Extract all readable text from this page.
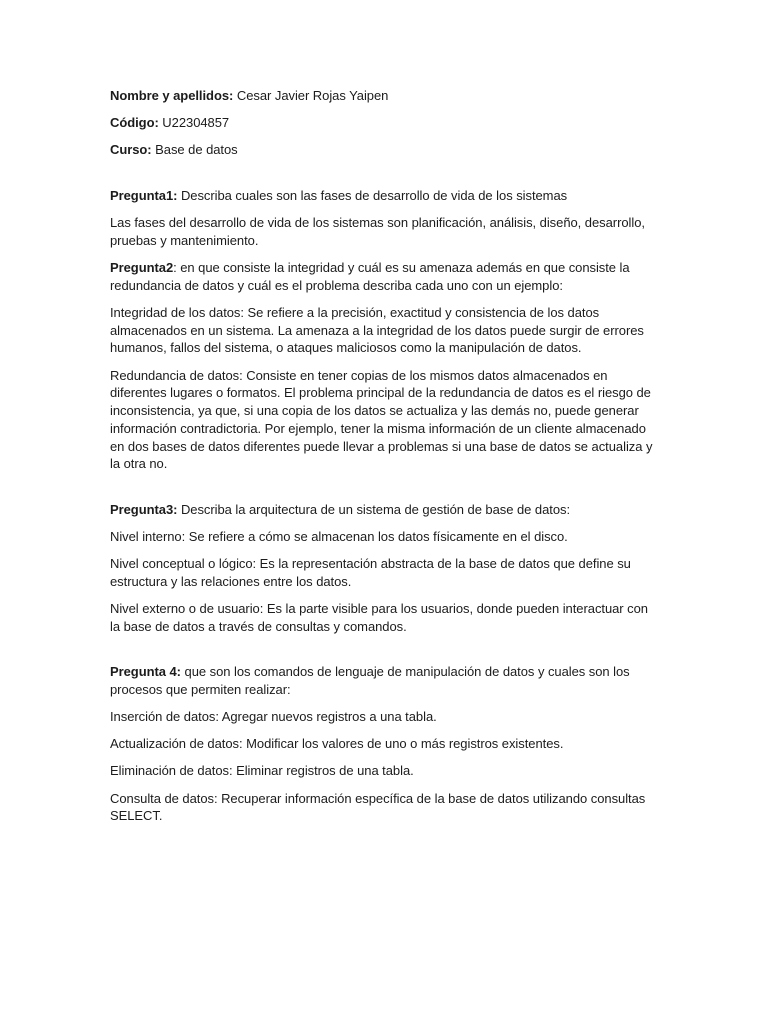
Nombre y apellidos: Cesar Javier Rojas Yaipen

Código: U22304857

Curso: Base de datos

Pregunta1: Describa cuales son las fases de desarrollo de vida de los sistemas

Las fases del desarrollo de vida de los sistemas son planificación, análisis, diseño, desarrollo, pruebas y mantenimiento.

Pregunta2: en que consiste la integridad y cuál es su amenaza además en que consiste la redundancia de datos y cuál es el problema describa cada uno con un ejemplo:

Integridad de los datos: Se refiere a la precisión, exactitud y consistencia de los datos almacenados en un sistema. La amenaza a la integridad de los datos puede surgir de errores humanos, fallos del sistema, o ataques maliciosos como la manipulación de datos.

Redundancia de datos: Consiste en tener copias de los mismos datos almacenados en diferentes lugares o formatos. El problema principal de la redundancia de datos es el riesgo de inconsistencia, ya que, si una copia de los datos se actualiza y las demás no, puede generar información contradictoria. Por ejemplo, tener la misma información de un cliente almacenado en dos bases de datos diferentes puede llevar a problemas si una base de datos se actualiza y la otra no.

Pregunta3: Describa la arquitectura de un sistema de gestión de base de datos:

Nivel interno: Se refiere a cómo se almacenan los datos físicamente en el disco.

Nivel conceptual o lógico: Es la representación abstracta de la base de datos que define su estructura y las relaciones entre los datos.

Nivel externo o de usuario: Es la parte visible para los usuarios, donde pueden interactuar con la base de datos a través de consultas y comandos.

Pregunta 4: que son los comandos de lenguaje de manipulación de datos y cuales son los procesos que permiten realizar:

Inserción de datos: Agregar nuevos registros a una tabla.

Actualización de datos: Modificar los valores de uno o más registros existentes.

Eliminación de datos: Eliminar registros de una tabla.

Consulta de datos: Recuperar información específica de la base de datos utilizando consultas SELECT.
